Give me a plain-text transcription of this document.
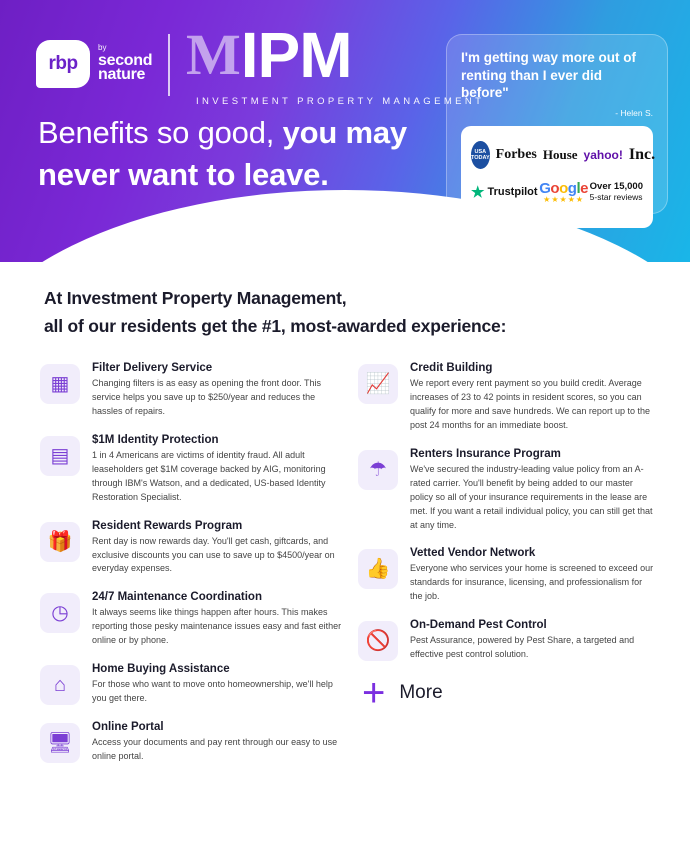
rbp
by
second
nature M IPM
INVESTMENT PROPERTY MANAGEMENT
Benefits so good, you may
never want to leave.
I'm getting way more out of renting than I ever did before"
- Helen S.
USA
TODAY Forbes House yahoo! Inc.
★ Trustpilot Google
★★★★★
Over 15,000
5-star reviews
At Investment Property Management,
all of our residents get the #1, most-awarded experience:
▦
Filter Delivery Service
Changing filters is as easy as opening the front door. This service helps you save up to $250/year and reduces the hassles of repairs.
▤
$1M Identity Protection
1 in 4 Americans are victims of identity fraud. All adult leaseholders get $1M coverage backed by AIG, monitoring through IBM's Watson, and a dedicated, US-based Identity Restoration Specialist.
🎁
Resident Rewards Program
Rent day is now rewards day. You'll get cash, giftcards, and exclusive discounts you can use to save up to $4500/year on everyday expenses.
◷
24/7 Maintenance Coordination
It always seems like things happen after hours. This makes reporting those pesky maintenance issues easy and fast either online or by phone.
⌂
Home Buying Assistance
For those who want to move onto homeownership, we'll help you get there.
🖥
Online Portal
Access your documents and pay rent through our easy to use online portal.
📈
Credit Building
We report every rent payment so you build credit. Average increases of 23 to 42 points in resident scores, so you can qualify for more and save hundreds. We can report up to the post 24 months for an immediate boost.
☂
Renters Insurance Program
We've secured the industry-leading value policy from an A-rated carrier. You'll benefit by being added to our master policy so all of your insurance requirements in the lease are met. If you want a retail individual policy, you can still get that at any time.
👍
Vetted Vendor Network
Everyone who services your home is screened to exceed our standards for insurance, licensing, and professionalism for the job.
🚫
On-Demand Pest Control
Pest Assurance, powered by Pest Share, a targeted and effective pest control solution.
+ More
